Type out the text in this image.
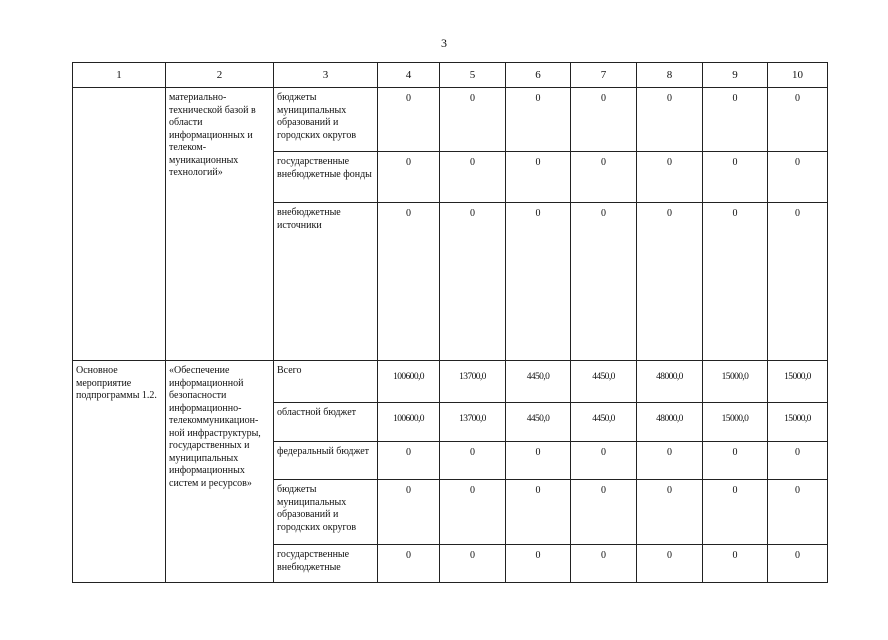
3
1	2	3	4	5	6	7	8	9	10
	материально-технической базой в области информационных и телеком-муникационных технологий»	бюджеты муниципальных образований и городских округов	0	0	0	0	0	0	0
		государственные внебюджетные фонды	0	0	0	0	0	0	0
		внебюджетные источники	0	0	0	0	0	0	0
Основное мероприятие подпрограммы 1.2.	«Обеспечение информационной безопасности информационно-телекоммуникацион-ной инфраструктуры, государственных и муниципальных информационных систем и ресурсов»	Всего	100600,0	13700,0	4450,0	4450,0	48000,0	15000,0	15000,0
		областной бюджет	100600,0	13700,0	4450,0	4450,0	48000,0	15000,0	15000,0
		федеральный бюджет	0	0	0	0	0	0	0
		бюджеты муниципальных образований и городских округов	0	0	0	0	0	0	0
		государственные внебюджетные	0	0	0	0	0	0	0
